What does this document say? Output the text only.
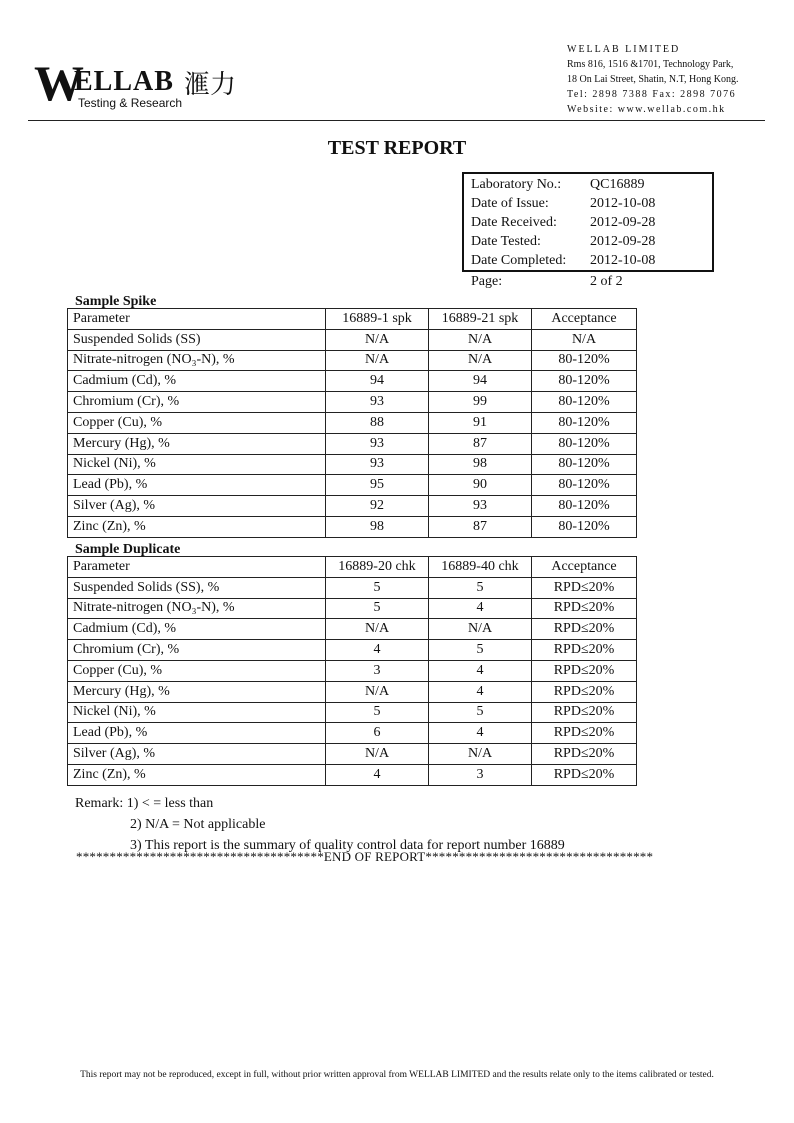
W
ELLAB 滙力
Testing & Research
WELLAB LIMITED
Rms 816, 1516 &1701, Technology Park,
18 On Lai Street, Shatin, N.T, Hong Kong.
Tel: 2898 7388 Fax: 2898 7076
Website: www.wellab.com.hk
TEST REPORT
Laboratory No.: QC16889
Date of Issue:	2012-10-08
Date Received: 2012-09-28
Date Tested:	2012-09-28
Date Completed: 2012-10-08
Page:	2 of 2
Sample Spike
Parameter	16889-1 spk	16889-21 spk	Acceptance
Suspended Solids (SS)	N/A	N/A	N/A
Nitrate-nitrogen (NO₃-N), %	N/A	N/A	80-120%
Cadmium (Cd), %	94	94	80-120%
Chromium (Cr), %	93	99	80-120%
Copper (Cu), %	88	91	80-120%
Mercury (Hg), %	93	87	80-120%
Nickel (Ni), %	93	98	80-120%
Lead (Pb), %	95	90	80-120%
Silver (Ag), %	92	93	80-120%
Zinc (Zn), %	98	87	80-120%
Sample Duplicate
Parameter	16889-20 chk	16889-40 chk	Acceptance
Suspended Solids (SS), %	5	5	RPD≤20%
Nitrate-nitrogen (NO₃-N), %	5	4	RPD≤20%
Cadmium (Cd), %	N/A	N/A	RPD≤20%
Chromium (Cr), %	4	5	RPD≤20%
Copper (Cu), %	3	4	RPD≤20%
Mercury (Hg), %	N/A	4	RPD≤20%
Nickel (Ni), %	5	5	RPD≤20%
Lead (Pb), %	6	4	RPD≤20%
Silver (Ag), %	N/A	N/A	RPD≤20%
Zinc (Zn), %	4	3	RPD≤20%
Remark: 1) < = less than
2) N/A = Not applicable
3) This report is the summary of quality control data for report number 16889
*************************************END OF REPORT**********************************
This report may not be reproduced, except in full, without prior written approval from WELLAB LIMITED and the results relate only to the items calibrated or tested.
